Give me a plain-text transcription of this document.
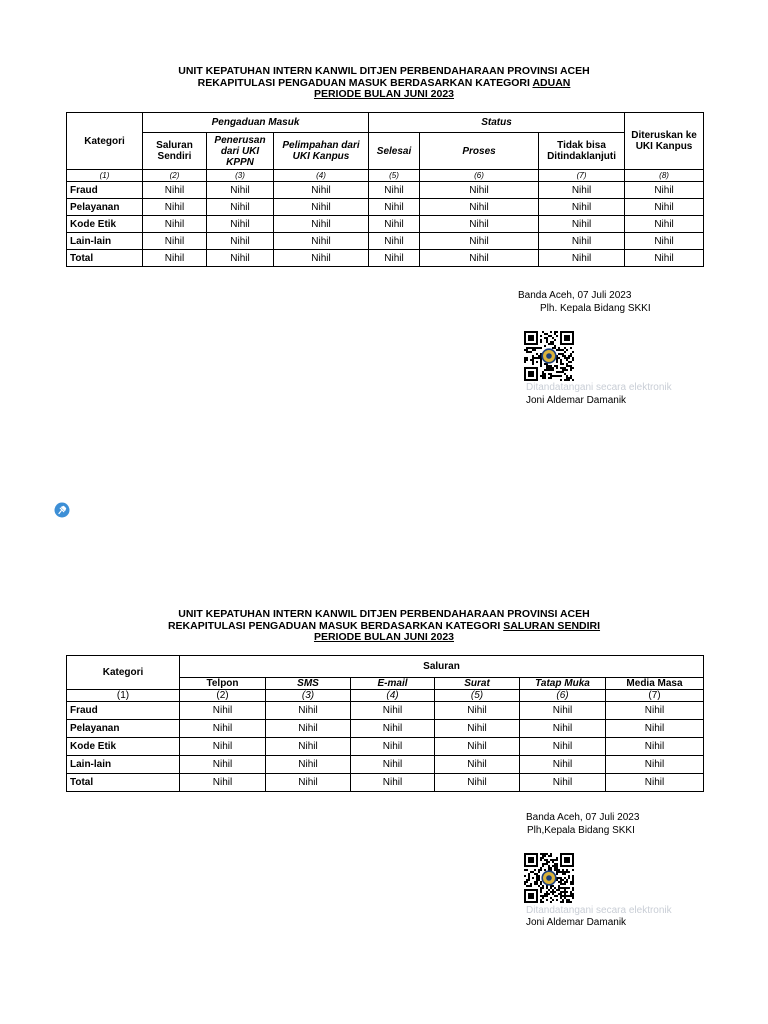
UNIT KEPATUHAN INTERN KANWIL DITJEN PERBENDAHARAAN PROVINSI ACEH
REKAPITULASI PENGADUAN MASUK BERDASARKAN KATEGORI ADUAN
PERIODE BULAN JUNI 2023
Kategori	Pengaduan Masuk			Status			Diteruskan ke UKI Kanpus
	Saluran Sendiri	Penerusan dari UKI KPPN	Pelimpahan dari UKI Kanpus	Selesai	Proses	Tidak bisa Ditindaklanjuti	
(1)	(2)	(3)	(4)	(5)	(6)	(7)	(8)
Fraud	Nihil	Nihil	Nihil	Nihil	Nihil	Nihil	Nihil
Pelayanan	Nihil	Nihil	Nihil	Nihil	Nihil	Nihil	Nihil
Kode Etik	Nihil	Nihil	Nihil	Nihil	Nihil	Nihil	Nihil
Lain-lain	Nihil	Nihil	Nihil	Nihil	Nihil	Nihil	Nihil
Total	Nihil	Nihil	Nihil	Nihil	Nihil	Nihil	Nihil
Banda Aceh, 07 Juli 2023
Plh. Kepala Bidang SKKI
Ditandatangani secara elektronik
Joni Aldemar Damanik
UNIT KEPATUHAN INTERN KANWIL DITJEN PERBENDAHARAAN PROVINSI ACEH
REKAPITULASI PENGADUAN MASUK BERDASARKAN KATEGORI SALURAN SENDIRI
PERIODE BULAN JUNI 2023
Kategori	Saluran					
	Telpon	SMS	E-mail	Surat	Tatap Muka	Media Masa
(1)	(2)	(3)	(4)	(5)	(6)	(7)
Fraud	Nihil	Nihil	Nihil	Nihil	Nihil	Nihil
Pelayanan	Nihil	Nihil	Nihil	Nihil	Nihil	Nihil
Kode Etik	Nihil	Nihil	Nihil	Nihil	Nihil	Nihil
Lain-lain	Nihil	Nihil	Nihil	Nihil	Nihil	Nihil
Total	Nihil	Nihil	Nihil	Nihil	Nihil	Nihil
Banda Aceh, 07 Juli 2023
Plh,Kepala Bidang SKKI
Ditandatangani secara elektronik
Joni Aldemar Damanik
